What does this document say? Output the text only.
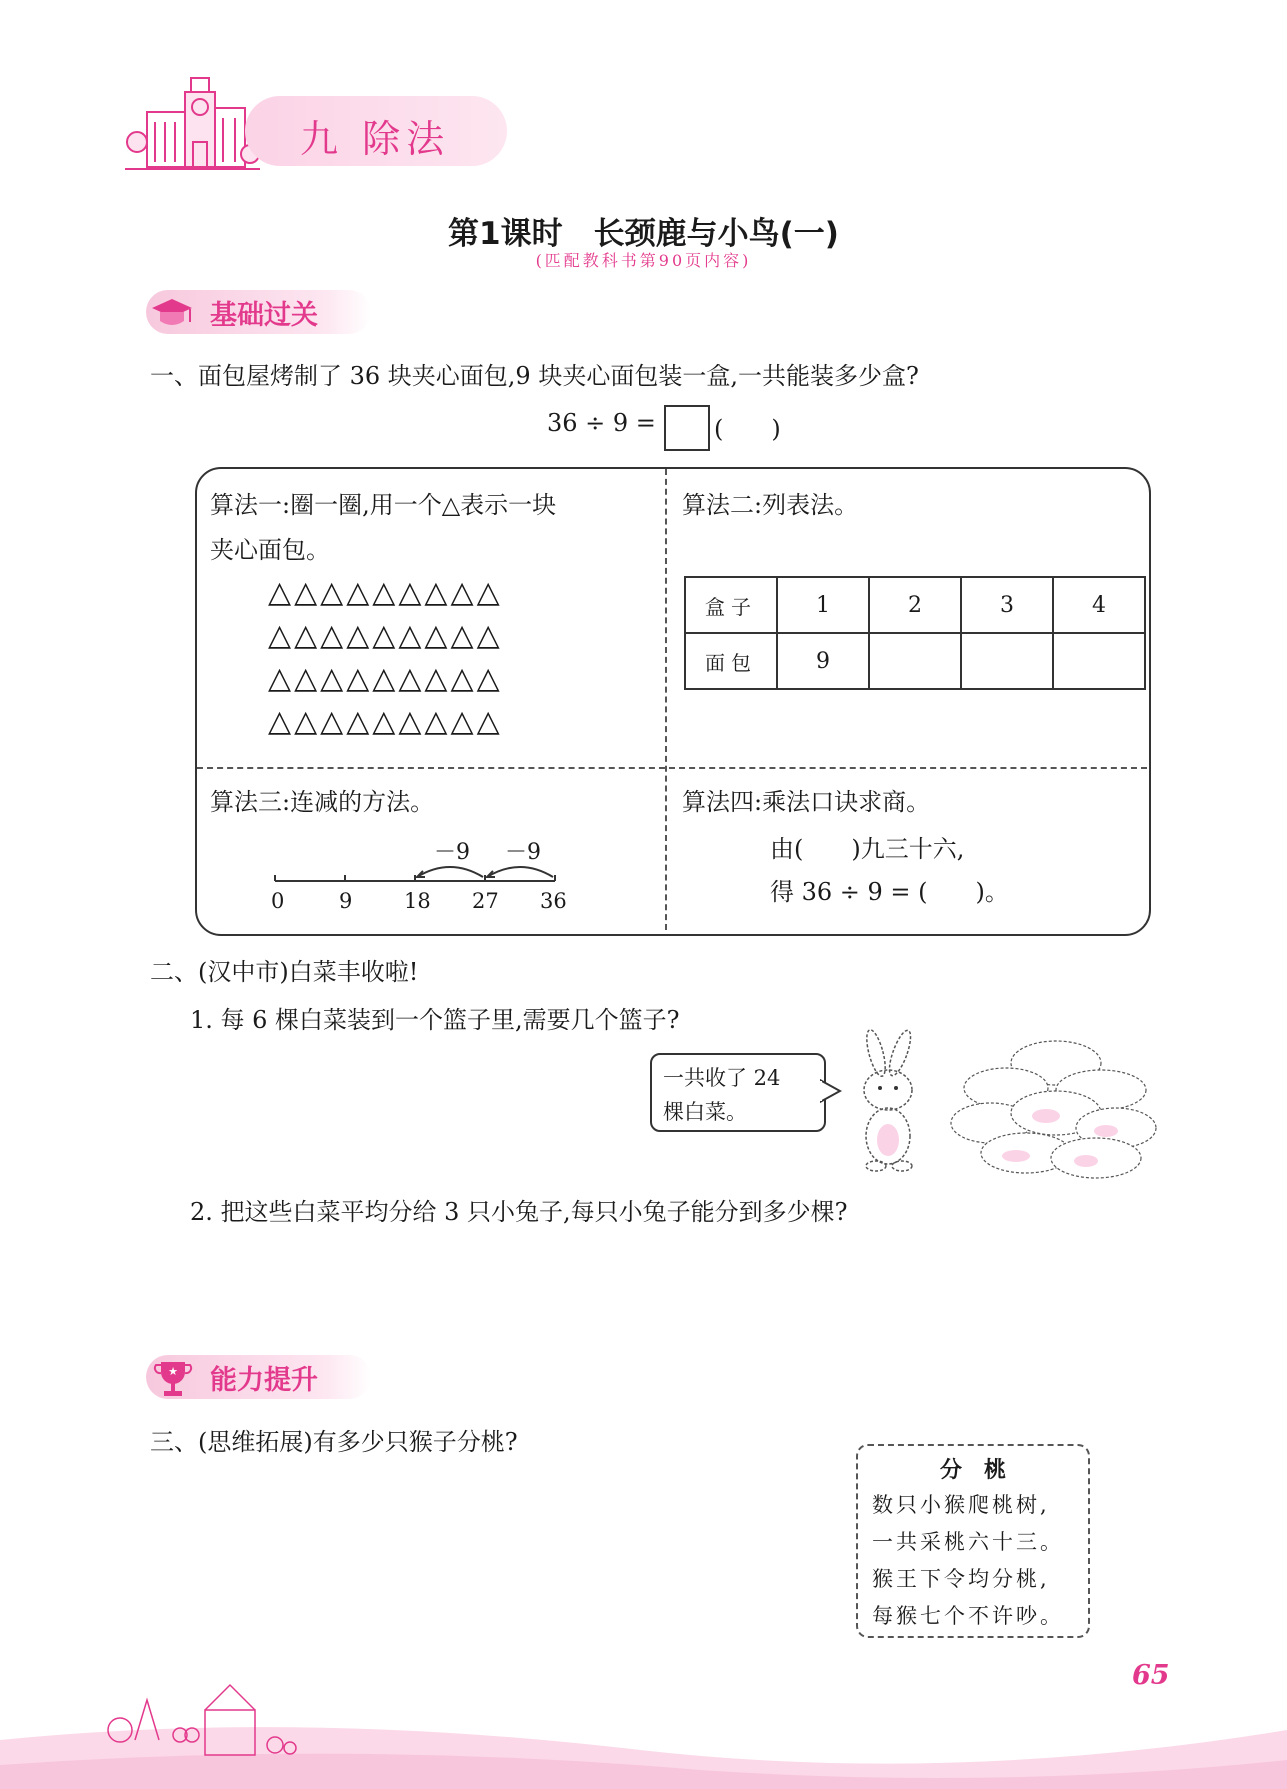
九 除法
第1课时　长颈鹿与小鸟(一)
(匹配教科书第90页内容)
基础过关
一、面包屋烤制了 36 块夹心面包,9 块夹心面包装一盒,一共能装多少盒?
36 ÷ 9 = (　　)
算法一:圈一圈,用一个△表示一块
夹心面包。
△△△△△△△△△
△△△△△△△△△
△△△△△△△△△
△△△△△△△△△
算法二:列表法。
盒子	1	2	3	4
面包	9			
算法三:连减的方法。
－9 －9
0	9 18 27 36
算法四:乘法口诀求商。
由(　　)九三十六,
得 36 ÷ 9 = (　　)。
二、(汉中市)白菜丰收啦!
1. 每 6 棵白菜装到一个篮子里,需要几个篮子?
一共收了 24
棵白菜。
2. 把这些白菜平均分给 3 只小兔子,每只小兔子能分到多少棵?
★ 能力提升
三、(思维拓展)有多少只猴子分桃?
分　桃
数只小猴爬桃树,
一共采桃六十三。
猴王下令均分桃,
每猴七个不许吵。
65
